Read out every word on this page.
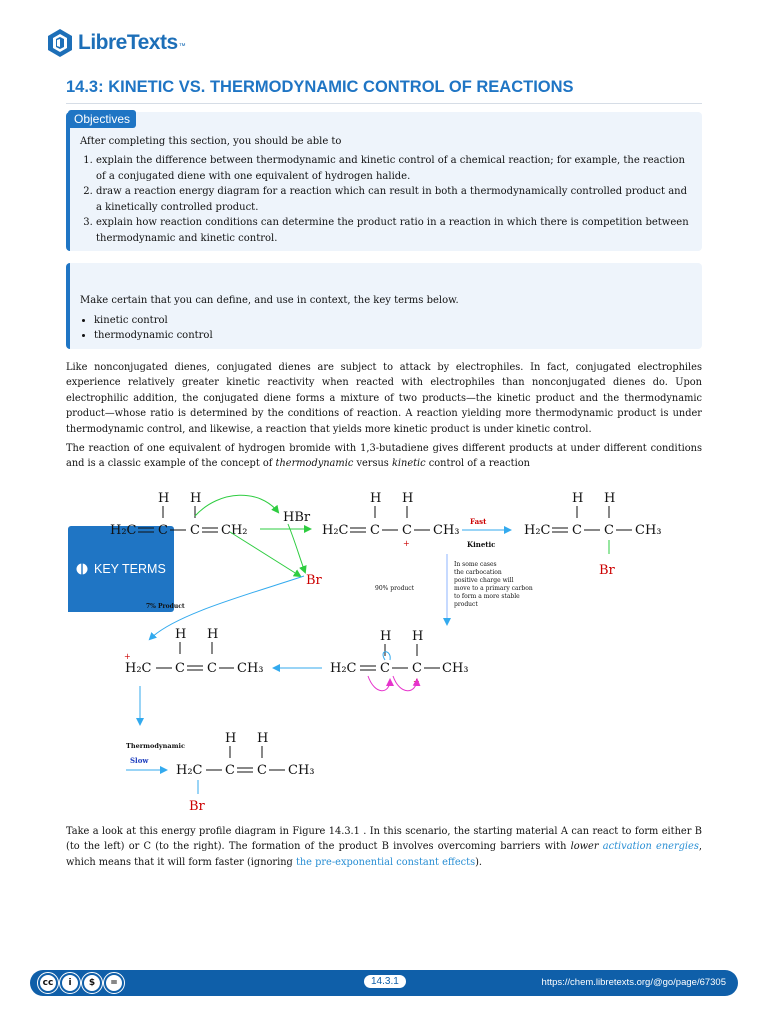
LibreTexts ™
14.3: KINETIC VS. THERMODYNAMIC CONTROL OF REACTIONS
Objectives

After completing this section, you should be able to

1. explain the difference between thermodynamic and kinetic control of a chemical reaction; for example, the reaction of a conjugated diene with one equivalent of hydrogen halide.
2. draw a reaction energy diagram for a reaction which can result in both a thermodynamically controlled product and a kinetically controlled product.
3. explain how reaction conditions can determine the product ratio in a reaction in which there is competition between thermodynamic and kinetic control.
KEY TERMS

Make certain that you can define, and use in context, the key terms below.

• kinetic control
• thermodynamic control

Like nonconjugated dienes, conjugated dienes are subject to attack by electrophiles. In fact, conjugated electrophiles experience relatively greater kinetic reactivity when reacted with electrophiles than nonconjugated dienes do. Upon electrophilic addition, the conjugated diene forms a mixture of two products—the kinetic product and the thermodynamic product—whose ratio is determined by the conditions of reaction. A reaction yielding more thermodynamic product is under thermodynamic control, and likewise, a reaction that yields more kinetic product is under kinetic control.

The reaction of one equivalent of hydrogen bromide with 1,3-butadiene gives different products at under different conditions and is a classic example of the concept of thermodynamic versus kinetic control of a reaction

H H
H₂C C C CH₂
HBr
Br
90% product
H H
H₂C C C
+
CH₃
Fast
Kinetic
H H
H₂C C C CH₃
Br
In some cases
the carbocation
positive charge will
move to a primary carbon
to form a more stable
product
7% Product
H H
H₂C C C
+
CH₃
H H
H₂C
+
C C CH₃
Thermodynamic
Slow
H H
H₂C C C CH₃
Br

Take a look at this energy profile diagram in Figure 14.3.1 . In this scenario, the starting material A can react to form either B (to the left) or C (to the right). The formation of the product B involves overcoming barriers with lower activation energies, which means that it will form faster (ignoring the pre-exponential constant effects).

cc	i	$	=	14.3.1	https://chem.libretexts.org/@go/page/67305
